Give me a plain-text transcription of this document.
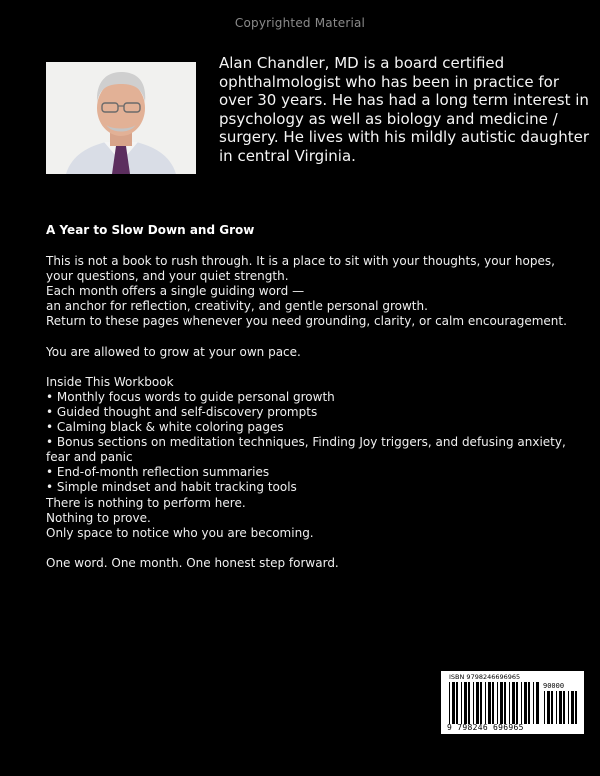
Copyrighted Material
Alan Chandler, MD is a board certified ophthalmologist who has been in practice for over 30 years. He has had a long term interest in psychology as well as biology and medicine / surgery. He lives with his mildly autistic daughter in central Virginia.
A Year to Slow Down and Grow
This is not a book to rush through. It is a place to sit with your thoughts, your hopes,
your questions, and your quiet strength.
Each month offers a single guiding word —
an anchor for reflection, creativity, and gentle personal growth.
Return to these pages whenever you need grounding, clarity, or calm encouragement.
You are allowed to grow at your own pace.
Inside This Workbook
• Monthly focus words to guide personal growth
• Guided thought and self-discovery prompts
• Calming black & white coloring pages
• Bonus sections on meditation techniques, Finding Joy triggers, and defusing anxiety, fear and panic
• End-of-month reflection summaries
• Simple mindset and habit tracking tools
There is nothing to perform here.
Nothing to prove.
Only space to notice who you are becoming.
One word. One month. One honest step forward.
ISBN 9798246696965
90000
9 798246 696965
